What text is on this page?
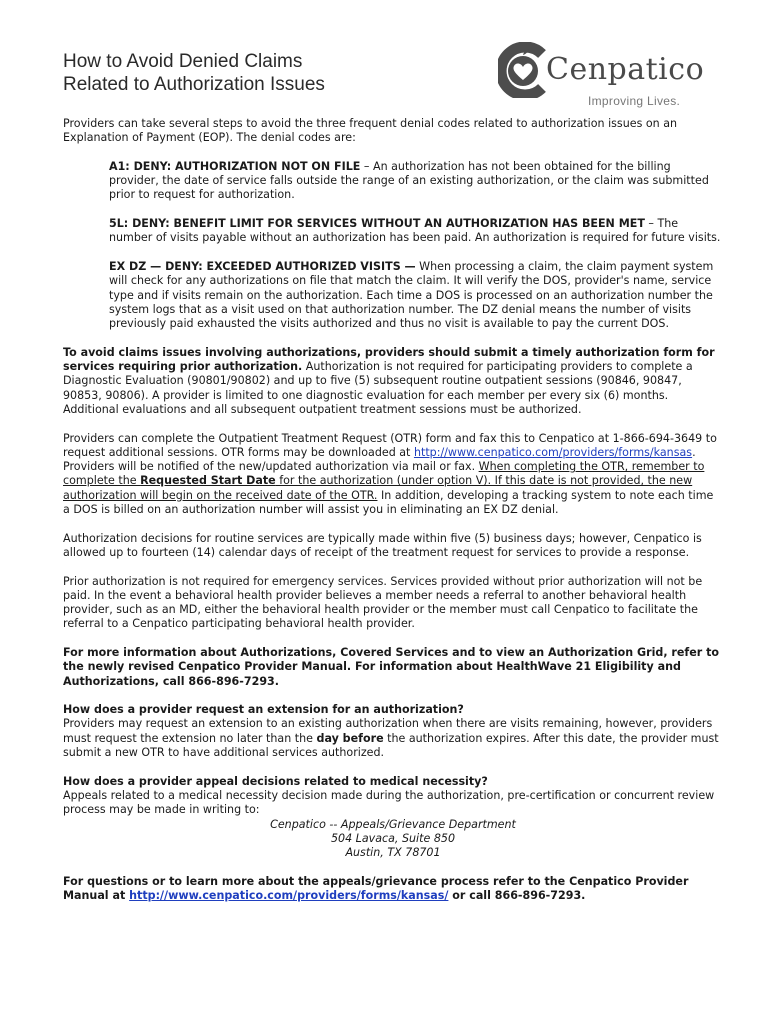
How to Avoid Denied Claims
Related to Authorization Issues	Cenpatico
Improving Lives.

Providers can take several steps to avoid the three frequent denial codes related to authorization issues on an Explanation of Payment (EOP). The denial codes are:

A1: DENY: AUTHORIZATION NOT ON FILE – An authorization has not been obtained for the billing provider, the date of service falls outside the range of an existing authorization, or the claim was submitted prior to request for authorization.

5L: DENY: BENEFIT LIMIT FOR SERVICES WITHOUT AN AUTHORIZATION HAS BEEN MET – The number of visits payable without an authorization has been paid. An authorization is required for future visits.

EX DZ — DENY: EXCEEDED AUTHORIZED VISITS — When processing a claim, the claim payment system will check for any authorizations on file that match the claim. It will verify the DOS, provider's name, service type and if visits remain on the authorization. Each time a DOS is processed on an authorization number the system logs that as a visit used on that authorization number. The DZ denial means the number of visits previously paid exhausted the visits authorized and thus no visit is available to pay the current DOS.

To avoid claims issues involving authorizations, providers should submit a timely authorization form for services requiring prior authorization. Authorization is not required for participating providers to complete a Diagnostic Evaluation (90801/90802) and up to five (5) subsequent routine outpatient sessions (90846, 90847, 90853, 90806). A provider is limited to one diagnostic evaluation for each member per every six (6) months. Additional evaluations and all subsequent outpatient treatment sessions must be authorized.

Providers can complete the Outpatient Treatment Request (OTR) form and fax this to Cenpatico at 1-866-694-3649 to request additional sessions. OTR forms may be downloaded at http://www.cenpatico.com/providers/forms/kansas. Providers will be notified of the new/updated authorization via mail or fax. When completing the OTR, remember to complete the Requested Start Date for the authorization (under option V). If this date is not provided, the new authorization will begin on the received date of the OTR. In addition, developing a tracking system to note each time a DOS is billed on an authorization number will assist you in eliminating an EX DZ denial.

Authorization decisions for routine services are typically made within five (5) business days; however, Cenpatico is allowed up to fourteen (14) calendar days of receipt of the treatment request for services to provide a response.

Prior authorization is not required for emergency services. Services provided without prior authorization will not be paid. In the event a behavioral health provider believes a member needs a referral to another behavioral health provider, such as an MD, either the behavioral health provider or the member must call Cenpatico to facilitate the referral to a Cenpatico participating behavioral health provider.

For more information about Authorizations, Covered Services and to view an Authorization Grid, refer to the newly revised Cenpatico Provider Manual. For information about HealthWave 21 Eligibility and Authorizations, call 866-896-7293.

How does a provider request an extension for an authorization?
Providers may request an extension to an existing authorization when there are visits remaining, however, providers must request the extension no later than the day before the authorization expires. After this date, the provider must submit a new OTR to have additional services authorized.

How does a provider appeal decisions related to medical necessity?
Appeals related to a medical necessity decision made during the authorization, pre-certification or concurrent review process may be made in writing to:

Cenpatico -- Appeals/Grievance Department

504 Lavaca, Suite 850

Austin, TX 78701

For questions or to learn more about the appeals/grievance process refer to the Cenpatico Provider Manual at http://www.cenpatico.com/providers/forms/kansas/ or call 866-896-7293.
